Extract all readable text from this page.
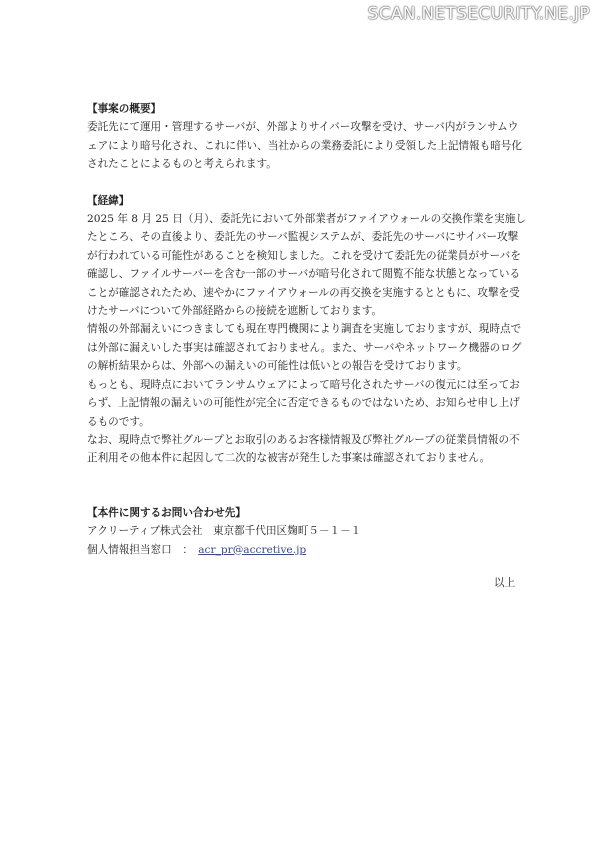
SCAN.NETSECURITY.NE.JP
【事案の概要】

委託先にて運用・管理するサーバが、外部よりサイバー攻撃を受け、サーバ内がランサムウェアにより暗号化され、これに伴い、当社からの業務委託により受領した上記情報も暗号化されたことによるものと考えられます。

【経緯】

2025 年 8 月 25 日（月）、委託先において外部業者がファイアウォールの交換作業を実施したところ、その直後より、委託先のサーバ監視システムが、委託先のサーバにサイバー攻撃が行われている可能性があることを検知しました。これを受けて委託先の従業員がサーバを確認し、ファイルサーバーを含む一部のサーバが暗号化されて閲覧不能な状態となっていることが確認されたため、速やかにファイアウォールの再交換を実施するとともに、攻撃を受けたサーバについて外部経路からの接続を遮断しております。

情報の外部漏えいにつきましても現在専門機関により調査を実施しておりますが、現時点では外部に漏えいした事実は確認されておりません。また、サーバやネットワーク機器のログの解析結果からは、外部への漏えいの可能性は低いとの報告を受けております。

もっとも、現時点においてランサムウェアによって暗号化されたサーバの復元には至っておらず、上記情報の漏えいの可能性が完全に否定できるものではないため、お知らせ申し上げるものです。

なお、現時点で弊社グループとお取引のあるお客様情報及び弊社グループの従業員情報の不正利用その他本件に起因して二次的な被害が発生した事案は確認されておりません。

【本件に関するお問い合わせ先】
アクリーティブ株式会社　東京都千代田区麹町５－１－１
個人情報担当窓口　：　acr_pr@accretive.jp
以上
